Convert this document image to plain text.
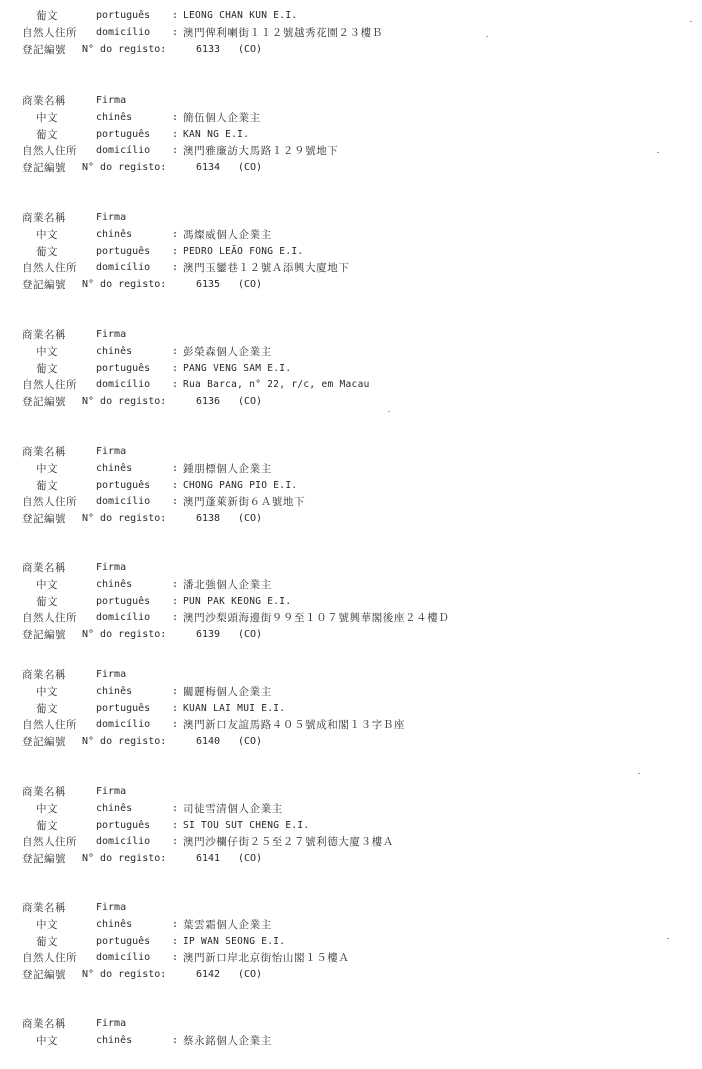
葡文	português : LEONG CHAN KUN E.I.
自然人住所 domicílio : 澳門俾利喇街１１２號越秀花園２３樓Ｂ
登記編號 N° do registo:	6133 (CO)
商業名稱	Firma
中文	chinês	: 簡伍個人企業主
葡文	português : KAN NG E.I.
自然人住所 domicílio : 澳門雅廉訪大馬路１２９號地下
登記編號 N° do registo:	6134 (CO)
商業名稱	Firma
中文	chinês	: 馮燦威個人企業主
葡文	português : PEDRO LEÃO FONG E.I.
自然人住所 domicílio : 澳門玉鑾巷１２號Ａ添興大廈地下
登記編號 N° do registo:	6135 (CO)
商業名稱	Firma
中文	chinês	: 彭榮森個人企業主
葡文	português : PANG VENG SAM E.I.
自然人住所 domicílio : Rua Barca, n° 22, r/c, em Macau
登記編號 N° do registo:	6136 (CO)
商業名稱	Firma
中文	chinês	: 鍾朋標個人企業主
葡文	português : CHONG PANG PIO E.I.
自然人住所 domicílio : 澳門蓬萊新街６Ａ號地下
登記編號 N° do registo:	6138 (CO)
商業名稱	Firma
中文	chinês	: 潘北強個人企業主
葡文	português : PUN PAK KEONG E.I.
自然人住所 domicílio : 澳門沙梨頭海邊街９９至１０７號興華閣後座２４樓Ｄ
登記編號 N° do registo:	6139 (CO)
商業名稱	Firma
中文	chinês	: 關麗梅個人企業主
葡文	português : KUAN LAI MUI E.I.
自然人住所 domicílio : 澳門新口友誼馬路４０５號成和閣１３字Ｂ座
登記編號 N° do registo:	6140 (CO)
商業名稱	Firma
中文	chinês	: 司徒雪清個人企業主
葡文	português : SI TOU SUT CHENG E.I.
自然人住所 domicílio : 澳門沙欄仔街２５至２７號利德大廈３樓Ａ
登記編號 N° do registo:	6141 (CO)
商業名稱	Firma
中文	chinês	: 葉雲霜個人企業主
葡文	português : IP WAN SEONG E.I.
自然人住所 domicílio : 澳門新口岸北京街怡山閣１５樓Ａ
登記編號 N° do registo:	6142 (CO)
商業名稱	Firma
中文	chinês	: 蔡永銘個人企業主
